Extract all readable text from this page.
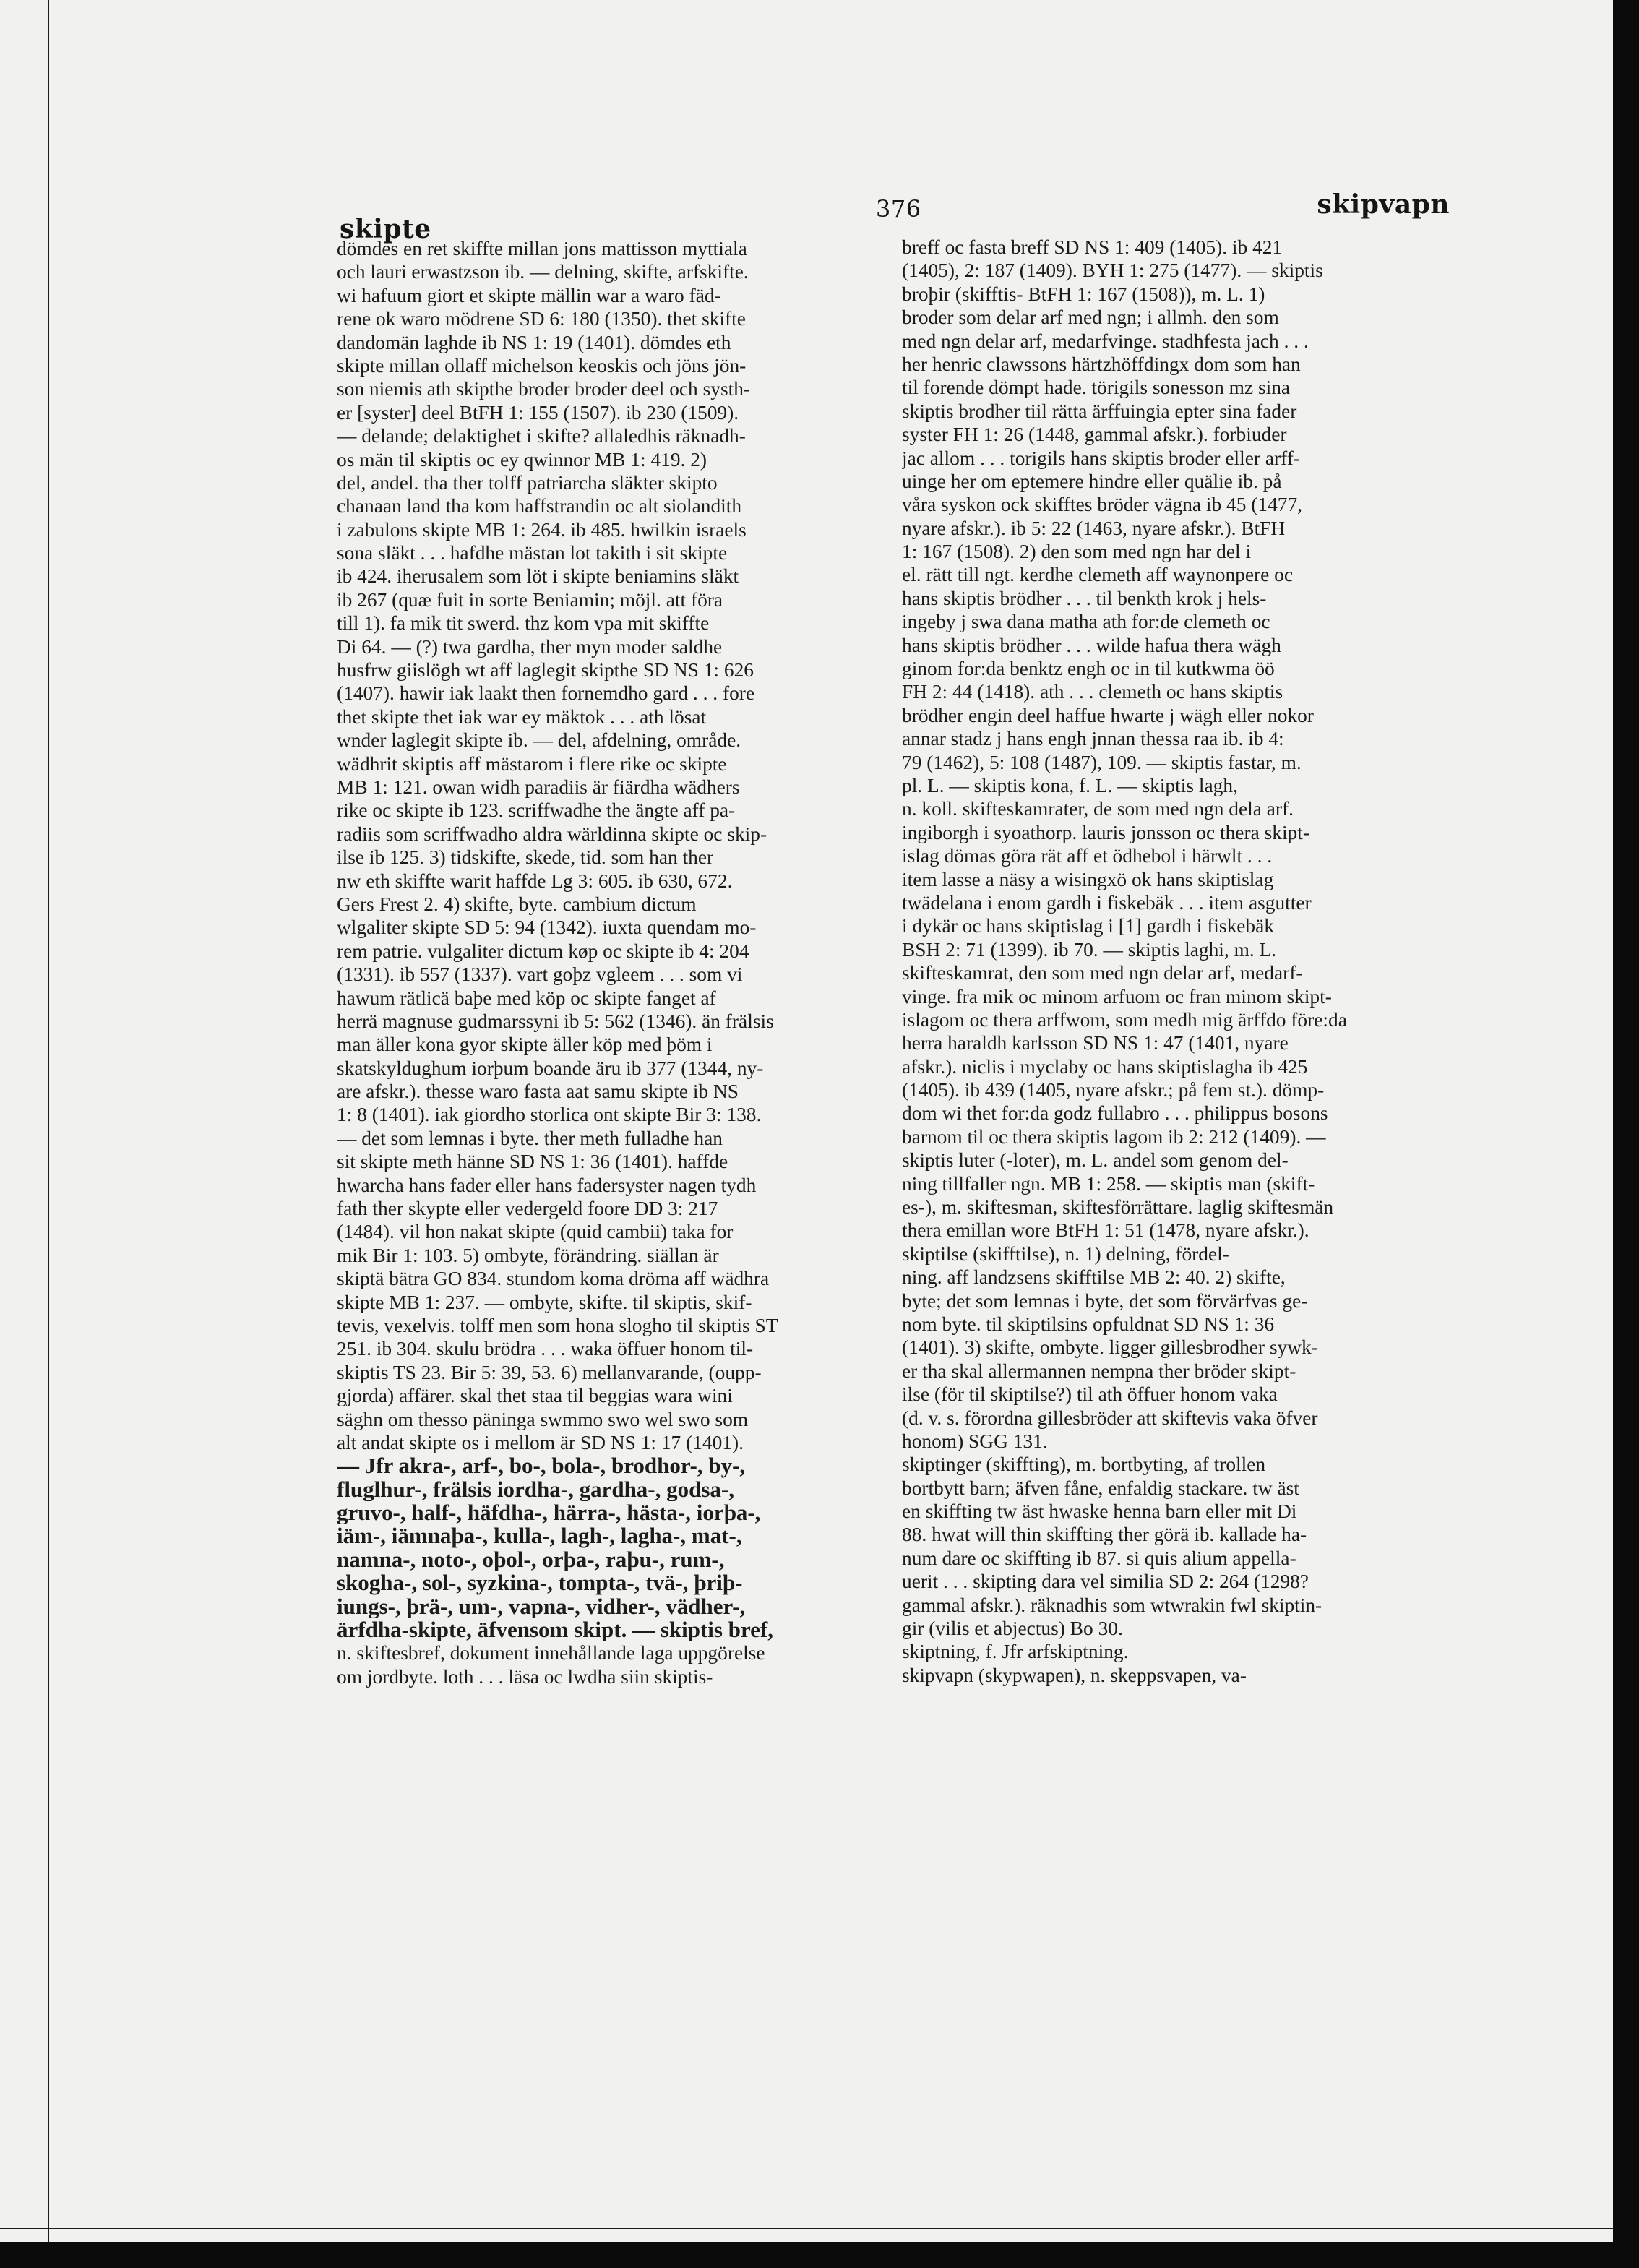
skipte
376	skipvapn
dömdes en ret skiffte millan jons mattisson myttiala
och lauri erwastzson ib. — delning, skifte, arfskifte.
wi hafuum giort et skipte mällin war a waro fäd-
rene ok waro mödrene SD 6: 180 (1350). thet skifte
dandomän laghde ib NS 1: 19 (1401). dömdes eth
skipte millan ollaff michelson keoskis och jöns jön-
son niemis ath skipthe broder broder deel och systh-
er [syster] deel BtFH 1: 155 (1507). ib 230 (1509).
— delande; delaktighet i skifte? allaledhis räknadh-
os män til skiptis oc ey qwinnor MB 1: 419. 2)
del, andel. tha ther tolff patriarcha släkter skipto
chanaan land tha kom haffstrandin oc alt siolandith
i zabulons skipte MB 1: 264. ib 485. hwilkin israels
sona släkt . . . hafdhe mästan lot takith i sit skipte
ib 424. iherusalem som löt i skipte beniamins släkt
ib 267 (quæ fuit in sorte Beniamin; möjl. att föra
till 1). fa mik tit swerd. thz kom vpa mit skiffte
Di 64. — (?) twa gardha, ther myn moder saldhe
husfrw giislögh wt aff laglegit skipthe SD NS 1: 626
(1407). hawir iak laakt then fornemdho gard . . . fore
thet skipte thet iak war ey mäktok . . . ath lösat
wnder laglegit skipte ib. — del, afdelning, område.
wädhrit skiptis aff mästarom i flere rike oc skipte
MB 1: 121. owan widh paradiis är fiärdha wädhers
rike oc skipte ib 123. scriffwadhe the ängte aff pa-
radiis som scriffwadho aldra wärldinna skipte oc skip-
ilse ib 125. 3) tidskifte, skede, tid. som han ther
nw eth skiffte warit haffde Lg 3: 605. ib 630, 672.
Gers Frest 2. 4) skifte, byte. cambium dictum
wlgaliter skipte SD 5: 94 (1342). iuxta quendam mo-
rem patrie. vulgaliter dictum køp oc skipte ib 4: 204
(1331). ib 557 (1337). vart goþz vgleem . . . som vi
hawum rätlicä baþe med köp oc skipte fanget af
herrä magnuse gudmarssyni ib 5: 562 (1346). än frälsis
man äller kona gyor skipte äller köp med þöm i
skatskyldughum iorþum boande äru ib 377 (1344, ny-
are afskr.). thesse waro fasta aat samu skipte ib NS
1: 8 (1401). iak giordho storlica ont skipte Bir 3: 138.
— det som lemnas i byte. ther meth fulladhe han
sit skipte meth hänne SD NS 1: 36 (1401). haffde
hwarcha hans fader eller hans fadersyster nagen tydh
fath ther skypte eller vedergeld foore DD 3: 217
(1484). vil hon nakat skipte (quid cambii) taka for
mik Bir 1: 103. 5) ombyte, förändring. siällan är
skiptä bätra GO 834. stundom koma dröma aff wädhra
skipte MB 1: 237. — ombyte, skifte. til skiptis, skif-
tevis, vexelvis. tolff men som hona slogho til skiptis ST
251. ib 304. skulu brödra . . . waka öffuer honom til-
skiptis TS 23. Bir 5: 39, 53. 6) mellanvarande, (oupp-
gjorda) affärer. skal thet staa til beggias wara wini
säghn om thesso päninga swmmo swo wel swo som
alt andat skipte os i mellom är SD NS 1: 17 (1401).
— Jfr akra-, arf-, bo-, bola-, brodhor-, by-,
fluglhur-, frälsis iordha-, gardha-, godsa-,
gruvo-, half-, häfdha-, härra-, hästa-, iorþa-,
iäm-, iämnaþa-, kulla-, lagh-, lagha-, mat-,
namna-, noto-, oþol-, orþa-, raþu-, rum-,
skogha-, sol-, syzkina-, tompta-, tvä-, þriþ-
iungs-, þrä-, um-, vapna-, vidher-, vädher-,
ärfdha-skipte, äfvensom skipt. — skiptis bref,
n. skiftesbref, dokument innehållande laga uppgörelse
om jordbyte. loth . . . läsa oc lwdha siin skiptis-
breff oc fasta breff SD NS 1: 409 (1405). ib 421
(1405), 2: 187 (1409). BYH 1: 275 (1477). — skiptis
broþir (skifftis- BtFH 1: 167 (1508)), m. L. 1)
broder som delar arf med ngn; i allmh. den som
med ngn delar arf, medarfvinge. stadhfesta jach . . .
her henric clawssons härtzhöffdingx dom som han
til forende dömpt hade. törigils sonesson mz sina
skiptis brodher tiil rätta ärffuingia epter sina fader
syster FH 1: 26 (1448, gammal afskr.). forbiuder
jac allom . . . torigils hans skiptis broder eller arff-
uinge her om eptemere hindre eller quälie ib. på
våra syskon ock skifftes bröder vägna ib 45 (1477,
nyare afskr.). ib 5: 22 (1463, nyare afskr.). BtFH
1: 167 (1508). 2) den som med ngn har del i
el. rätt till ngt. kerdhe clemeth aff waynonpere oc
hans skiptis brödher . . . til benkth krok j hels-
ingeby j swa dana matha ath for:de clemeth oc
hans skiptis brödher . . . wilde hafua thera wägh
ginom for:da benktz engh oc in til kutkwma öö
FH 2: 44 (1418). ath . . . clemeth oc hans skiptis
brödher engin deel haffue hwarte j wägh eller nokor
annar stadz j hans engh jnnan thessa raa ib. ib 4:
79 (1462), 5: 108 (1487), 109. — skiptis fastar, m.
pl. L. — skiptis kona, f. L. — skiptis lagh,
n. koll. skifteskamrater, de som med ngn dela arf.
ingiborgh i syoathorp. lauris jonsson oc thera skipt-
islag dömas göra rät aff et ödhebol i härwlt . . .
item lasse a näsy a wisingxö ok hans skiptislag
twädelana i enom gardh i fiskebäk . . . item asgutter
i dykär oc hans skiptislag i [1] gardh i fiskebäk
BSH 2: 71 (1399). ib 70. — skiptis laghi, m. L.
skifteskamrat, den som med ngn delar arf, medarf-
vinge. fra mik oc minom arfuom oc fran minom skipt-
islagom oc thera arffwom, som medh mig ärffdo före:da
herra haraldh karlsson SD NS 1: 47 (1401, nyare
afskr.). niclis i myclaby oc hans skiptislagha ib 425
(1405). ib 439 (1405, nyare afskr.; på fem st.). dömp-
dom wi thet for:da godz fullabro . . . philippus bosons
barnom til oc thera skiptis lagom ib 2: 212 (1409). —
skiptis luter (-loter), m. L. andel som genom del-
ning tillfaller ngn. MB 1: 258. — skiptis man (skift-
es-), m. skiftesman, skiftesförrättare. laglig skiftesmän
thera emillan wore BtFH 1: 51 (1478, nyare afskr.).
skiptilse (skifftilse), n. 1) delning, fördel-
ning. aff landzsens skifftilse MB 2: 40. 2) skifte,
byte; det som lemnas i byte, det som förvärfvas ge-
nom byte. til skiptilsins opfuldnat SD NS 1: 36
(1401). 3) skifte, ombyte. ligger gillesbrodher sywk-
er tha skal allermannen nempna ther bröder skipt-
ilse (för til skiptilse?) til ath öffuer honom vaka
(d. v. s. förordna gillesbröder att skiftevis vaka öfver
honom) SGG 131.
skiptinger (skiffting), m. bortbyting, af trollen
bortbytt barn; äfven fåne, enfaldig stackare. tw äst
en skiffting tw äst hwaske henna barn eller mit Di
88. hwat will thin skiffting ther görä ib. kallade ha-
num dare oc skiffting ib 87. si quis alium appella-
uerit . . . skipting dara vel similia SD 2: 264 (1298?
gammal afskr.). räknadhis som wtwrakin fwl skiptin-
gir (vilis et abjectus) Bo 30.
skiptning, f. Jfr arfskiptning.
skipvapn (skypwapen), n. skeppsvapen, va-
